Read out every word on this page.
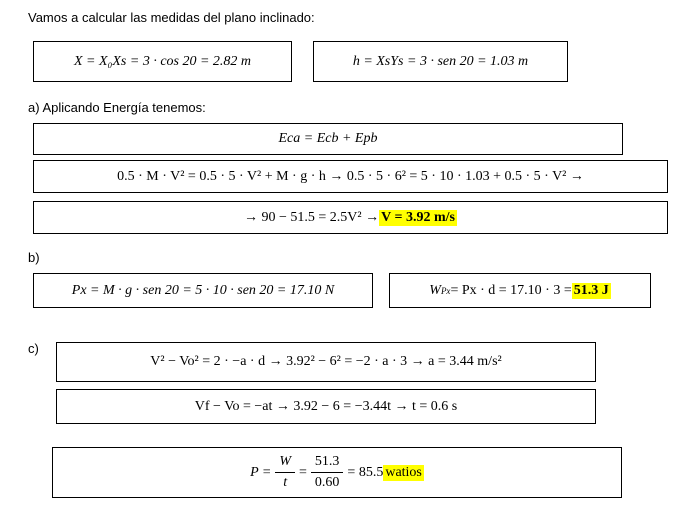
Vamos a calcular las medidas del plano inclinado:
X = X₀Xs = 3 · cos 20 = 2.82 m	h = XsYs = 3 · sen 20 = 1.03 m
a) Aplicando Energía tenemos:
Eca = Ecb + Epb
0.5 · M · V² = 0.5 · 5 · V² + M · g · h → 0.5 · 5 · 6² = 5 · 10 · 1.03 + 0.5 · 5 · V² →
→ 90 − 51.5 = 2.5V² → V = 3.92 m/s
b)
Px = M · g · sen 20 = 5 · 10 · sen 20 = 17.10 N	W Px = Px · d = 17.10 · 3 = 51.3 J
c)
V² − Vo² = 2 · −a · d → 3.92² − 6² = −2 · a · 3 → a = 3.44 m/s²
Vf − Vo = −at → 3.92 − 6 = −3.44t → t = 0.6 s
$P = \frac{W}{t} = \frac{51.3}{0.60} = 85.5$ watios
